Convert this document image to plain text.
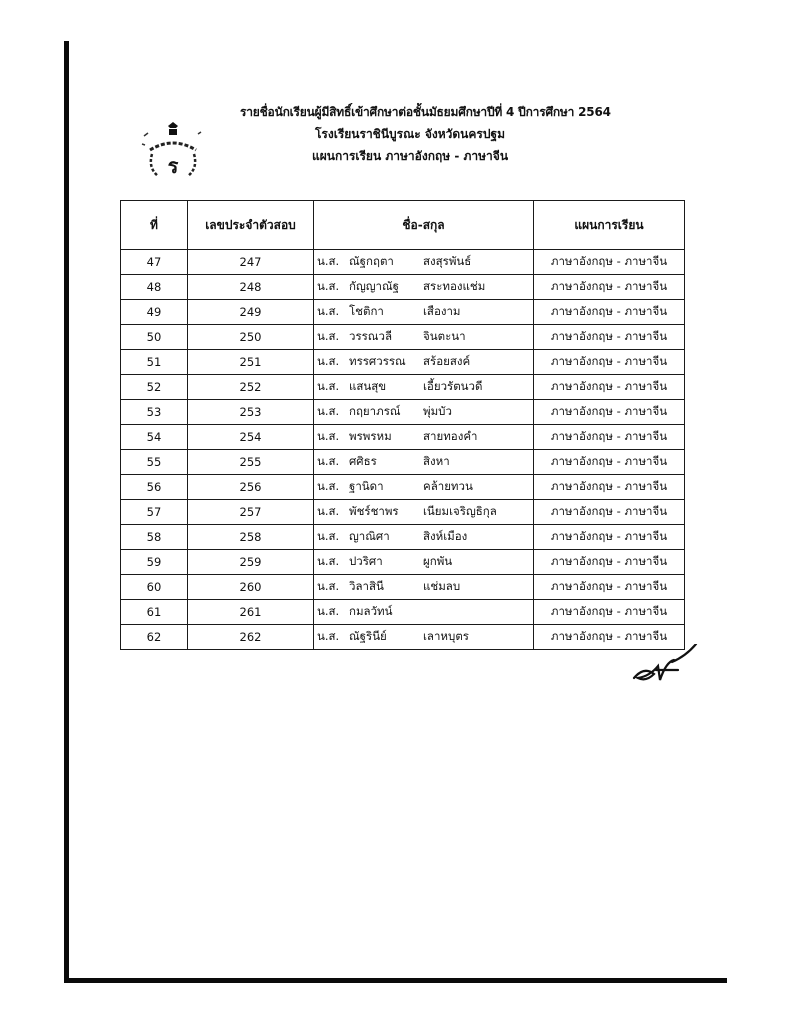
ร
รายชื่อนักเรียนผู้มีสิทธิ์เข้าศึกษาต่อชั้นมัธยมศึกษาปีที่ 4 ปีการศึกษา 2564
โรงเรียนราชินีบูรณะ จังหวัดนครปฐม
แผนการเรียน ภาษาอังกฤษ - ภาษาจีน
ที่	เลขประจำตัวสอบ	ชื่อ-สกุล	แผนการเรียน
47	247	น.ส. ณัฐกฤตา สงสุรพันธ์	ภาษาอังกฤษ - ภาษาจีน
48	248	น.ส. กัญญาณัฐ สระทองแช่ม	ภาษาอังกฤษ - ภาษาจีน
49	249	น.ส. โชติกา เสืองาม	ภาษาอังกฤษ - ภาษาจีน
50	250	น.ส. วรรณวลี จินตะนา	ภาษาอังกฤษ - ภาษาจีน
51	251	น.ส. ทรรศวรรณ สร้อยสงค์	ภาษาอังกฤษ - ภาษาจีน
52	252	น.ส. แสนสุข เอี้ยวรัตนวดี	ภาษาอังกฤษ - ภาษาจีน
53	253	น.ส. กฤยาภรณ์ พุ่มบัว	ภาษาอังกฤษ - ภาษาจีน
54	254	น.ส. พรพรหม สายทองคำ	ภาษาอังกฤษ - ภาษาจีน
55	255	น.ส. ศศิธร สิงหา	ภาษาอังกฤษ - ภาษาจีน
56	256	น.ส. ฐานิดา คล้ายทวน	ภาษาอังกฤษ - ภาษาจีน
57	257	น.ส. พัชร์ชาพร เนียมเจริญธิกุล	ภาษาอังกฤษ - ภาษาจีน
58	258	น.ส. ญาณิศา สิงห์เมือง	ภาษาอังกฤษ - ภาษาจีน
59	259	น.ส. ปวริศา ผูกพัน	ภาษาอังกฤษ - ภาษาจีน
60	260	น.ส. วิลาสินี แช่มลบ	ภาษาอังกฤษ - ภาษาจีน
61	261	น.ส. กมลวัทน์	ภาษาอังกฤษ - ภาษาจีน
62	262	น.ส. ณัฐรินีย์ เลาหบุตร	ภาษาอังกฤษ - ภาษาจีน
